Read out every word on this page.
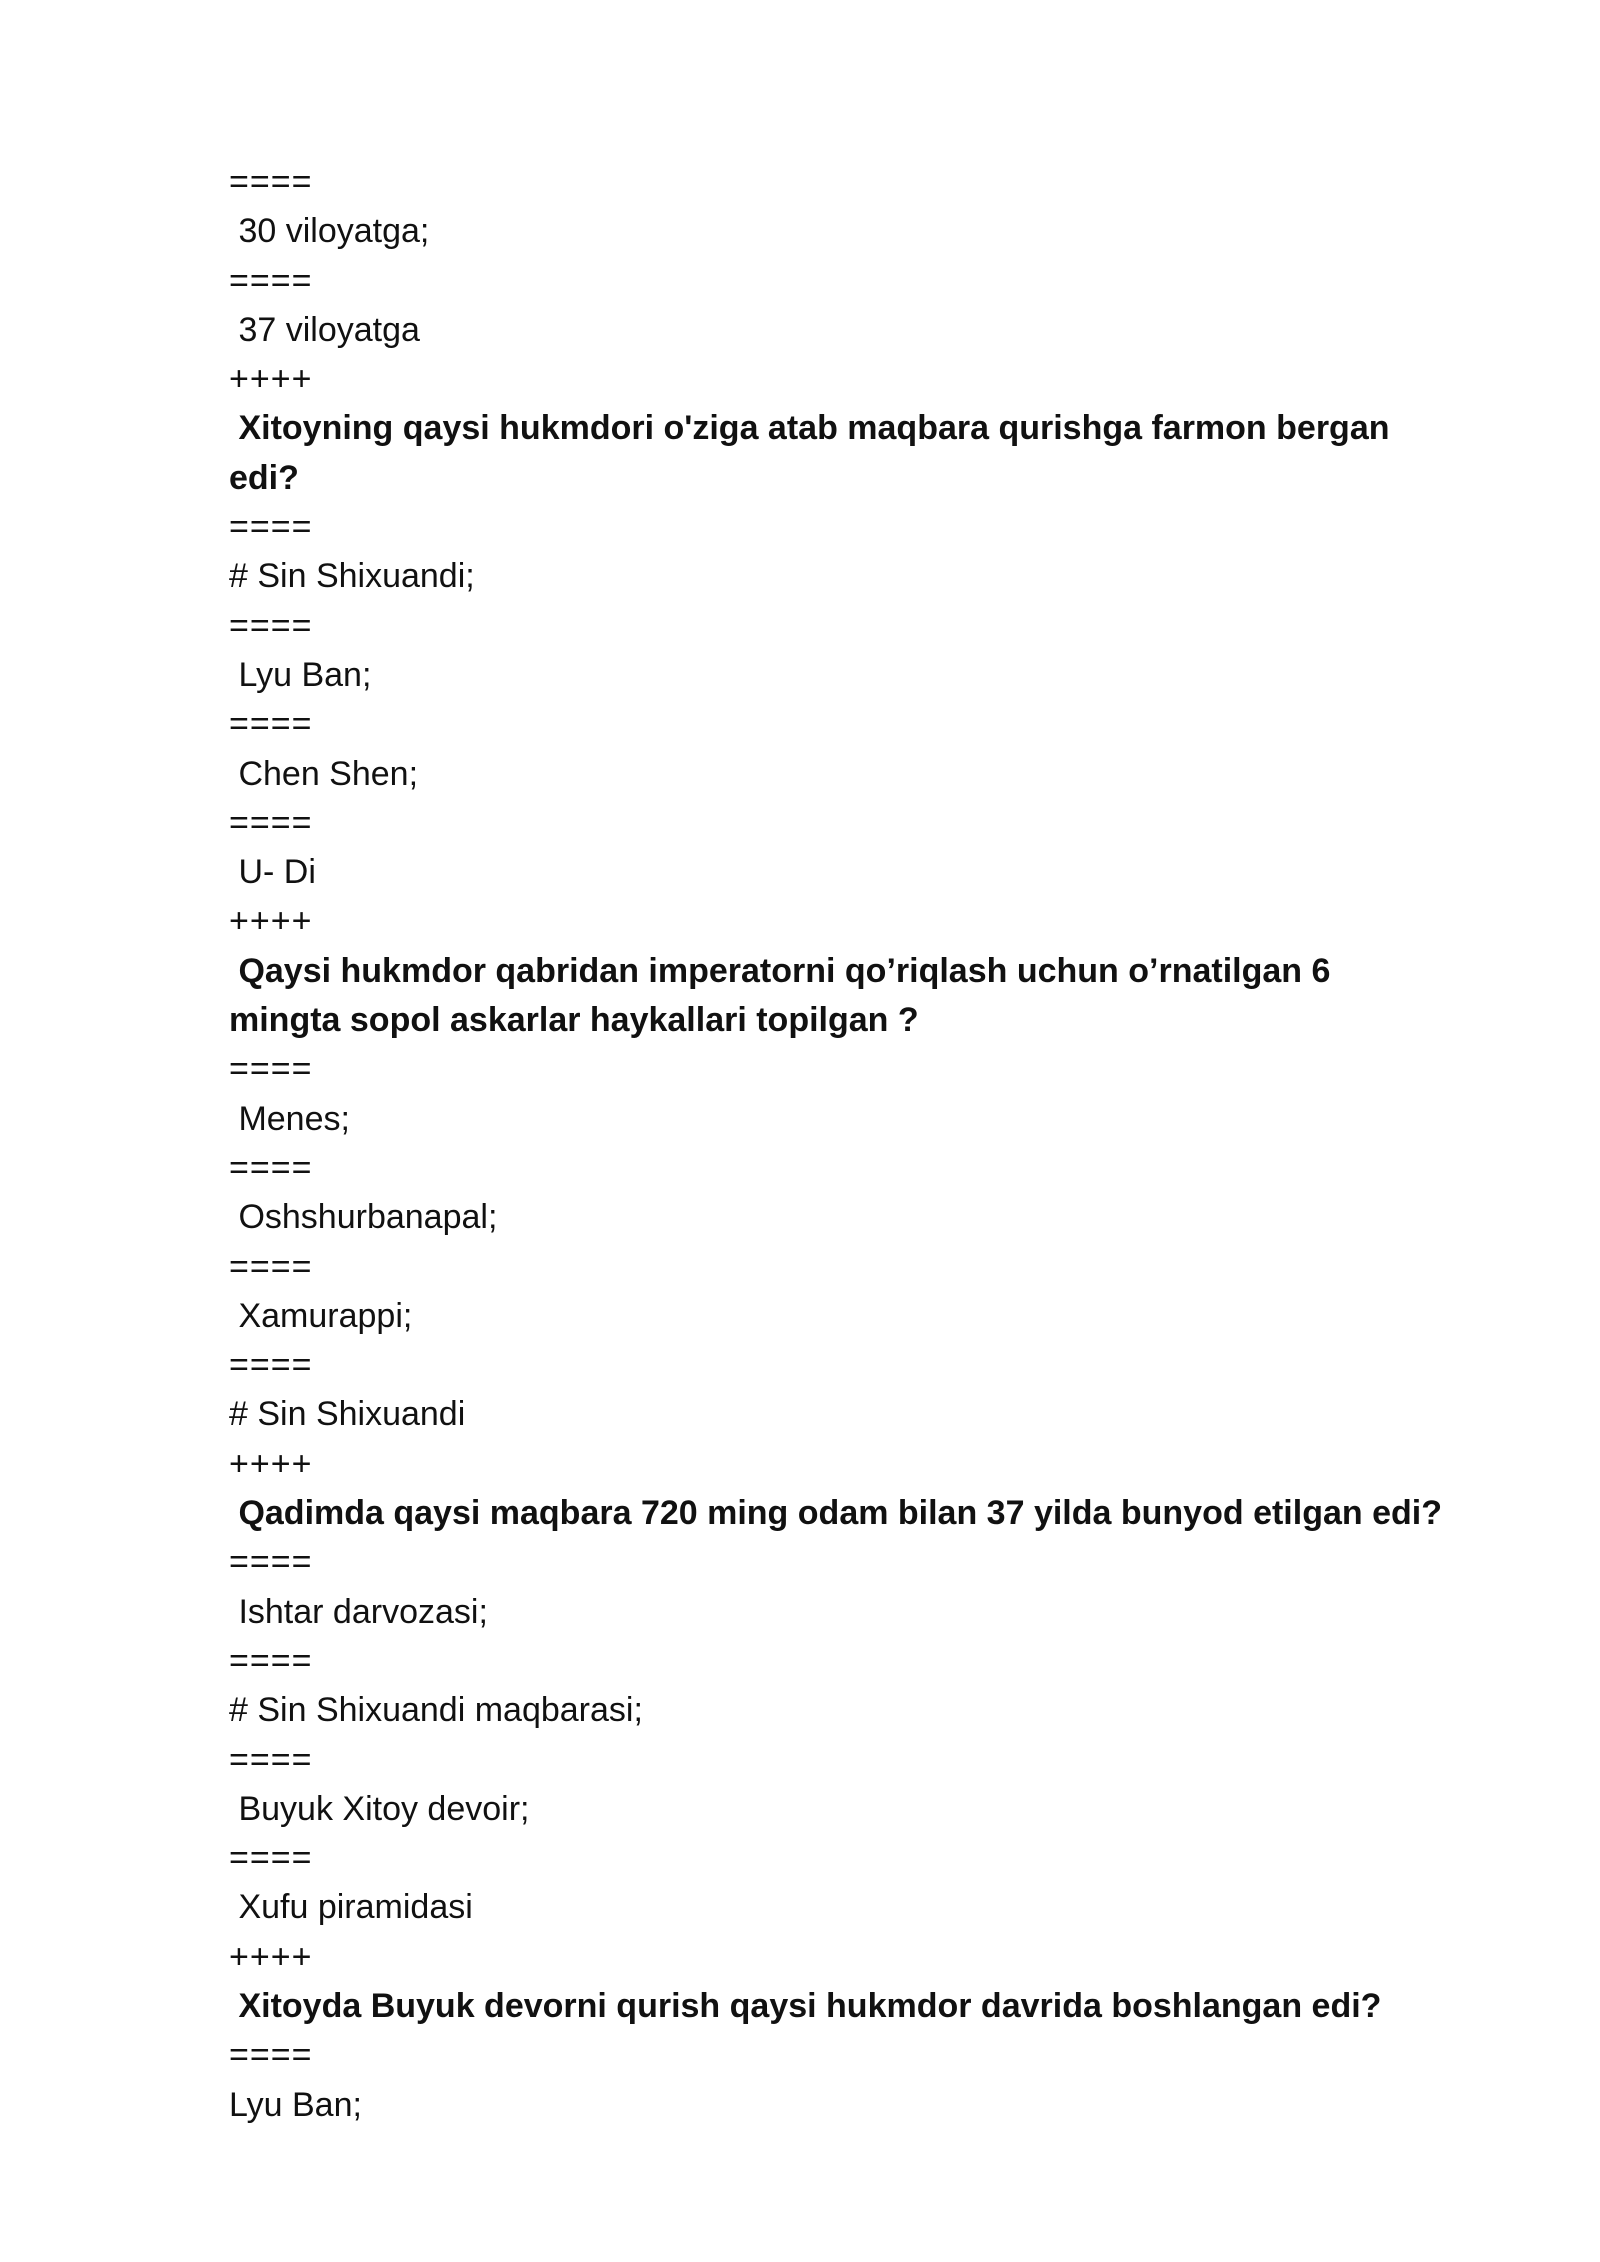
====
30 viloyatga;
====
37 viloyatga
++++
Xitoyning qaysi hukmdori o'ziga atab maqbara qurishga farmon bergan edi?
====
# Sin Shixuandi;
====
Lyu Ban;
====
Chen Shen;
====
U- Di
++++
Qaysi hukmdor qabridan imperatorni qo’riqlash uchun o’rnatilgan 6 mingta sopol askarlar haykallari topilgan ?
====
Menes;
====
Oshshurbanapal;
====
Xamurappi;
====
# Sin Shixuandi
++++
Qadimda qaysi maqbara 720 ming odam bilan 37 yilda bunyod etilgan edi?
====
Ishtar darvozasi;
====
# Sin Shixuandi maqbarasi;
====
Buyuk Xitoy devoir;
====
Xufu piramidasi
++++
Xitoyda Buyuk devorni qurish qaysi hukmdor davrida boshlangan edi?
====
Lyu Ban;
